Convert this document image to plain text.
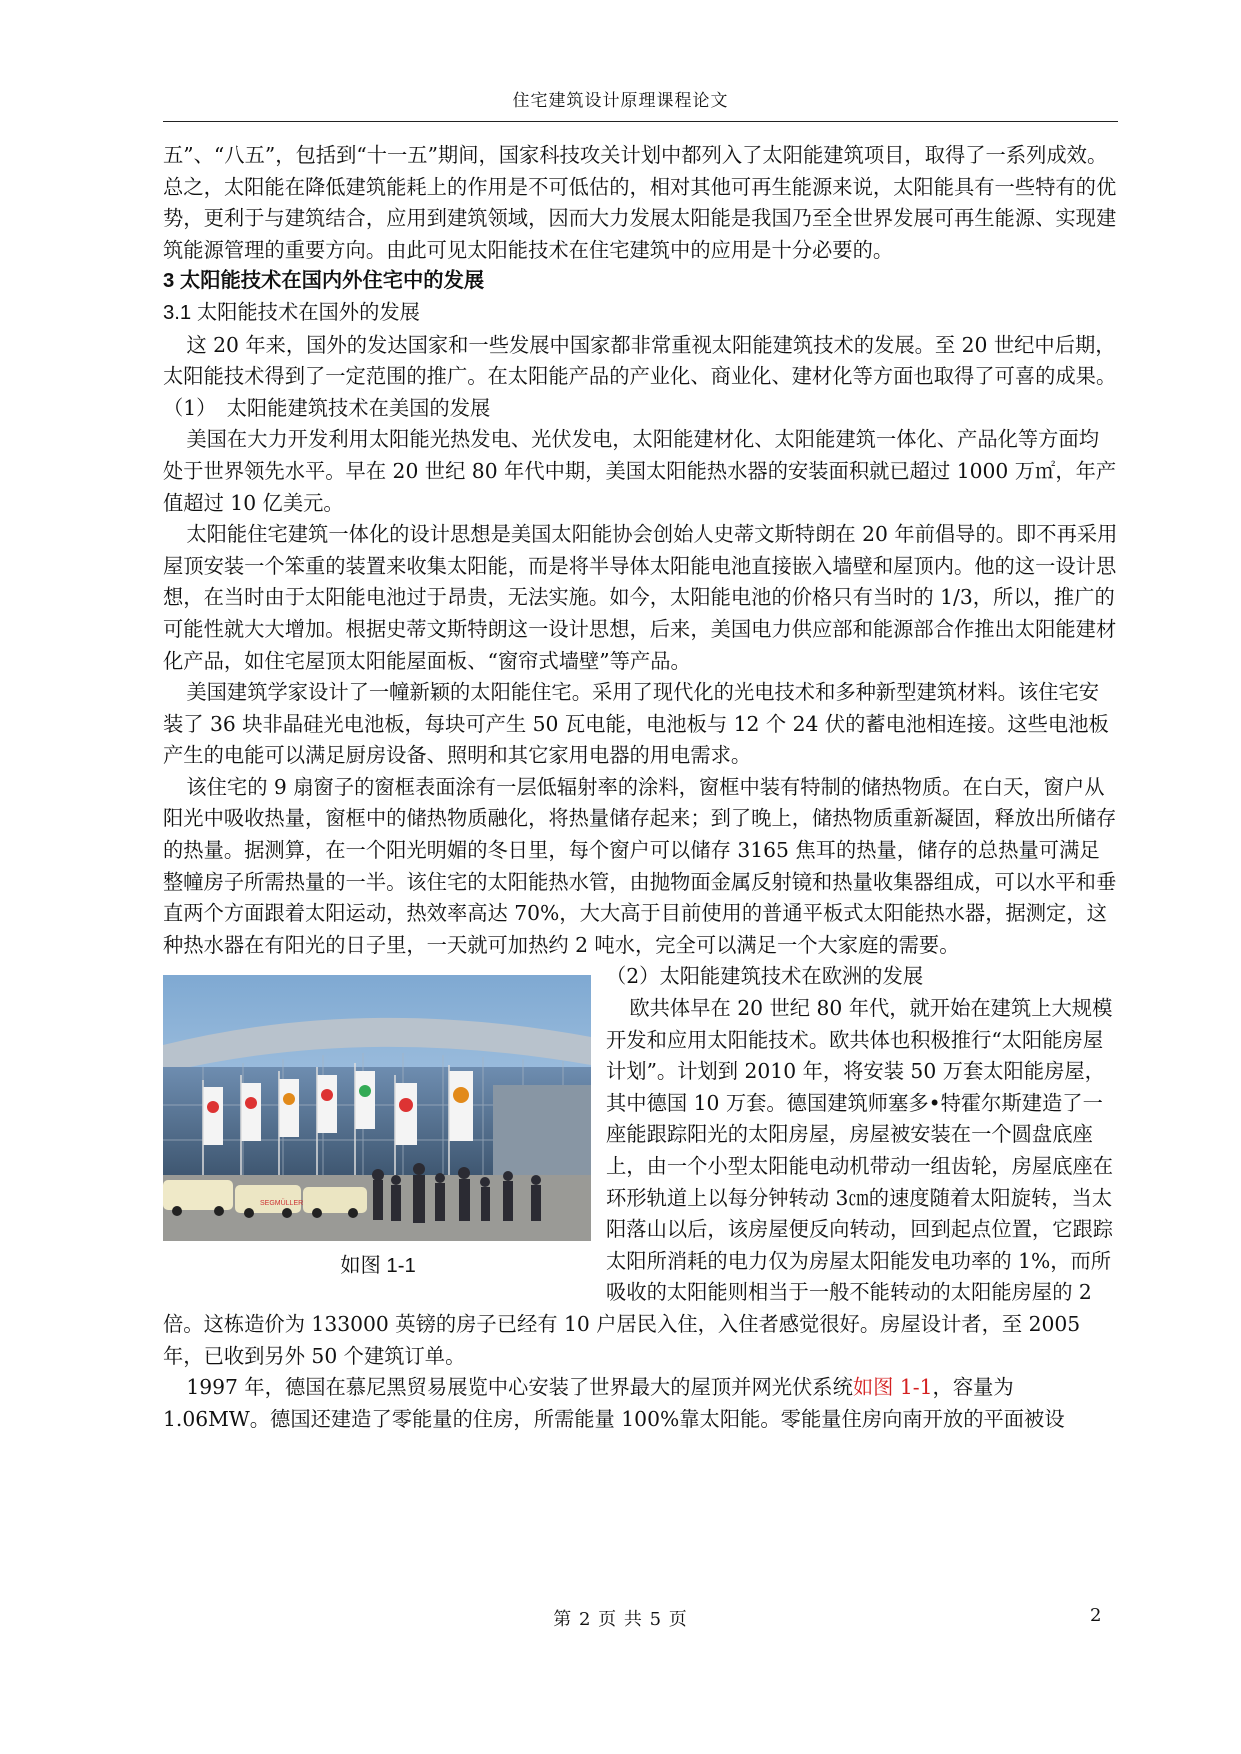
住宅建筑设计原理课程论文

五”、“八五”，包括到“十一五”期间，国家科技攻关计划中都列入了太阳能建筑项目，取得了一系列成效。

总之，太阳能在降低建筑能耗上的作用是不可低估的，相对其他可再生能源来说，太阳能具有一些特有的优势，更利于与建筑结合，应用到建筑领域，因而大力发展太阳能是我国乃至全世界发展可再生能源、实现建筑能源管理的重要方向。由此可见太阳能技术在住宅建筑中的应用是十分必要的。

3 太阳能技术在国内外住宅中的发展

3.1 太阳能技术在国外的发展

这 20 年来，国外的发达国家和一些发展中国家都非常重视太阳能建筑技术的发展。至 20 世纪中后期，太阳能技术得到了一定范围的推广。在太阳能产品的产业化、商业化、建材化等方面也取得了可喜的成果。

（1）　太阳能建筑技术在美国的发展

美国在大力开发利用太阳能光热发电、光伏发电，太阳能建材化、太阳能建筑一体化、产品化等方面均处于世界领先水平。早在 20 世纪 80 年代中期，美国太阳能热水器的安装面积就已超过 1000 万㎡，年产值超过 10 亿美元。

太阳能住宅建筑一体化的设计思想是美国太阳能协会创始人史蒂文斯特朗在 20 年前倡导的。即不再采用屋顶安装一个笨重的装置来收集太阳能，而是将半导体太阳能电池直接嵌入墙壁和屋顶内。他的这一设计思想，在当时由于太阳能电池过于昂贵，无法实施。如今，太阳能电池的价格只有当时的 1/3，所以，推广的可能性就大大增加。根据史蒂文斯特朗这一设计思想，后来，美国电力供应部和能源部合作推出太阳能建材化产品，如住宅屋顶太阳能屋面板、“窗帘式墙壁”等产品。

美国建筑学家设计了一幢新颖的太阳能住宅。采用了现代化的光电技术和多种新型建筑材料。该住宅安装了 36 块非晶硅光电池板，每块可产生 50 瓦电能，电池板与 12 个 24 伏的蓄电池相连接。这些电池板产生的电能可以满足厨房设备、照明和其它家用电器的用电需求。

该住宅的 9 扇窗子的窗框表面涂有一层低辐射率的涂料，窗框中装有特制的储热物质。在白天，窗户从阳光中吸收热量，窗框中的储热物质融化，将热量储存起来；到了晚上，储热物质重新凝固，释放出所储存的热量。据测算，在一个阳光明媚的冬日里，每个窗户可以储存 3165 焦耳的热量，储存的总热量可满足整幢房子所需热量的一半。该住宅的太阳能热水管，由抛物面金属反射镜和热量收集器组成，可以水平和垂直两个方面跟着太阳运动，热效率高达 70%，大大高于目前使用的普通平板式太阳能热水器，据测定，这种热水器在有阳光的日子里，一天就可加热约 2 吨水，完全可以满足一个大家庭的需要。

SEGMÜLLER
如图 1-1

（2）太阳能建筑技术在欧洲的发展

欧共体早在 20 世纪 80 年代，就开始在建筑上大规模开发和应用太阳能技术。欧共体也积极推行“太阳能房屋计划”。计划到 2010 年，将安装 50 万套太阳能房屋，其中德国 10 万套。德国建筑师塞多•特霍尔斯建造了一座能跟踪阳光的太阳房屋，房屋被安装在一个圆盘底座上，由一个小型太阳能电动机带动一组齿轮，房屋底座在环形轨道上以每分钟转动 3㎝的速度随着太阳旋转，当太阳落山以后，该房屋便反向转动，回到起点位置，它跟踪太阳所消耗的电力仅为房屋太阳能发电功率的 1%，而所吸收的太阳能则相当于一般不能转动的太阳能房屋的 2 倍。这栋造价为 133000 英镑的房子已经有 10 户居民入住，入住者感觉很好。房屋设计者，至 2005 年，已收到另外 50 个建筑订单。

1997 年，德国在慕尼黑贸易展览中心安装了世界最大的屋顶并网光伏系统如图 1-1，容量为 1.06MW。德国还建造了零能量的住房，所需能量 100%靠太阳能。零能量住房向南开放的平面被设

第 2 页 共 5 页	2
